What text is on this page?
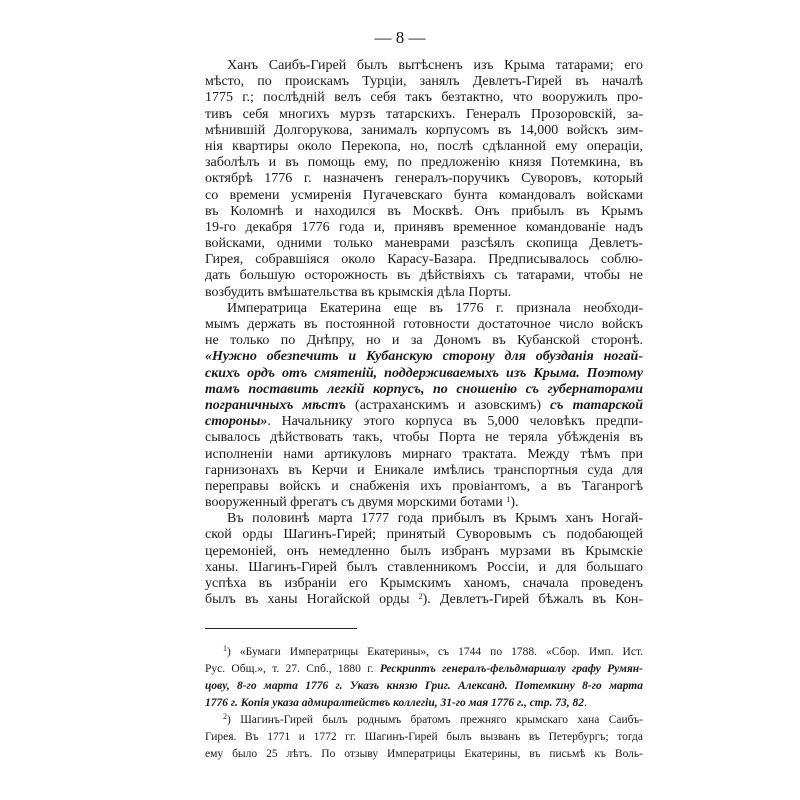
— 8 —
Ханъ Саибъ-Гирей былъ вытѣсненъ изъ Крыма татарами; его
мѣсто, по проискамъ Турціи, занялъ Девлетъ-Гирей въ началѣ
1775 г.; послѣдній велъ себя такъ безтактно, что вооружилъ про-
тивъ себя многихъ мурзъ татарскихъ. Генералъ Прозоровскій, за-
мѣнившій Долгорукова, занималъ корпусомъ въ 14,000 войскъ зим-
нія квартиры около Перекопа, но, послѣ сдѣланной ему операціи,
заболѣлъ и въ помощь ему, по предложенію князя Потемкина, въ
октябрѣ 1776 г. назначенъ генералъ-поручикъ Суворовъ, который
со времени усмиренія Пугачевскаго бунта командовалъ войсками
въ Коломнѣ и находился въ Москвѣ. Онъ прибылъ въ Крымъ
19-го декабря 1776 года и, принявъ временное командованіе надъ
войсками, одними только маневрами разсѣялъ скопища Девлетъ-
Гирея, собравшіяся около Карасу-Базара. Предписывалось соблю-
дать большую осторожность въ дѣйствіяхъ съ татарами, чтобы не
возбудить вмѣшательства въ крымскія дѣла Порты.
Императрица Екатерина еще въ 1776 г. признала необходи-
мымъ держать въ постоянной готовности достаточное число войскъ
не только по Днѣпру, но и за Дономъ въ Кубанской сторонѣ.
«Нужно обезпечить и Кубанскую сторону для обузданія ногай-
скихъ ордъ отъ смятеній, поддерживаемыхъ изъ Крыма. Поэтому
тамъ поставить легкій корпусъ, по сношенію съ губернаторами
пограничныхъ мѣстъ (астраханскимъ и азовскимъ) съ татарской
стороны». Начальнику этого корпуса въ 5,000 человѣкъ предпи-
сывалось дѣйствовать такъ, чтобы Порта не теряла убѣжденія въ
исполненіи нами артикуловъ мирнаго трактата. Между тѣмъ при
гарнизонахъ въ Керчи и Еникале имѣлись транспортныя суда для
переправы войскъ и снабженія ихъ провіантомъ, а въ Таганрогѣ
вооруженный фрегатъ съ двумя морскими ботами $^1$).
Въ половинѣ марта 1777 года прибылъ въ Крымъ ханъ Ногай-
ской орды Шагинъ-Гирей; принятый Суворовымъ съ подобающей
церемоніей, онъ немедленно былъ избранъ мурзами въ Крымскіе
ханы. Шагинъ-Гирей былъ ставленникомъ Россіи, и для большаго
успѣха въ избраніи его Крымскимъ ханомъ, сначала проведенъ
былъ въ ханы Ногайской орды $^2$). Девлетъ-Гирей бѣжалъ въ Кон-
$^1$) «Бумаги Императрицы Екатерины», съ 1744 по 1788. «Сбор. Имп. Ист.
Рус. Общ.», т. 27. Спб., 1880 г. Рескриптъ генералъ-фельдмаршалу графу Румян-
цову, 8-го марта 1776 г. Указъ князю Григ. Александ. Потемкину 8-го марта
1776 г. Копія указа адмиралтействъ коллегіи, 31-го мая 1776 г., стр. 73, 82.
$^2$) Шагинъ-Гирей былъ роднымъ братомъ прежняго крымскаго хана Саибъ-
Гирея. Въ 1771 и 1772 гг. Шагинъ-Гирей былъ вызванъ въ Петербургъ; тогда
ему было 25 лѣтъ. По отзыву Императрицы Екатерины, въ письмѣ къ Воль-
